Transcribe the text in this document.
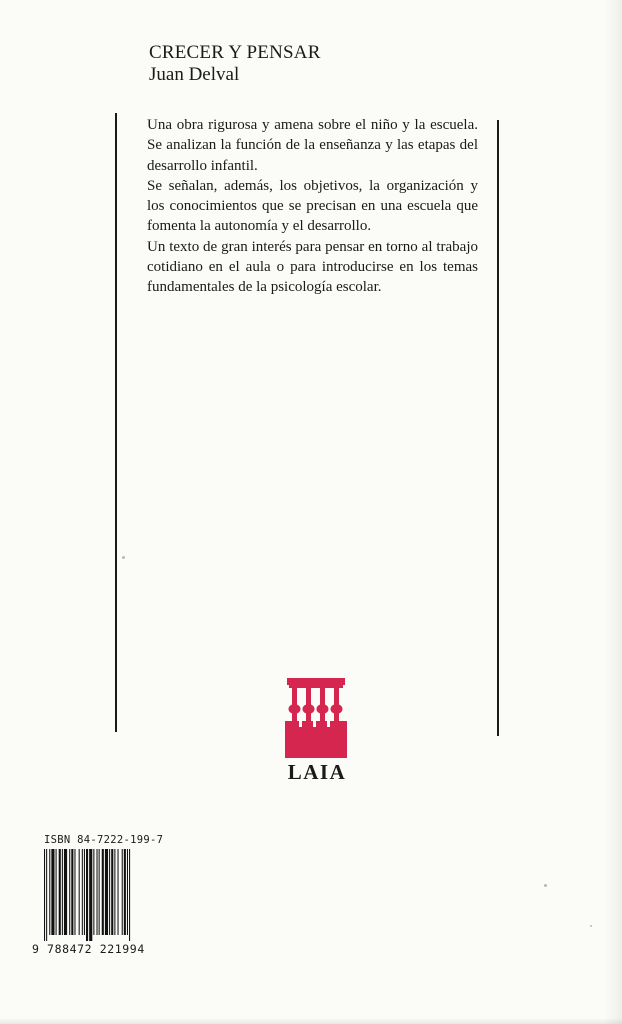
CRECER Y PENSAR
Juan Delval

Una obra rigurosa y amena sobre el niño y la escuela. Se analizan la función de la enseñanza y las etapas del desarrollo infantil.

Se señalan, además, los objetivos, la organización y los conocimientos que se precisan en una escuela que fomenta la autonomía y el desarrollo.

Un texto de gran interés para pensar en torno al trabajo cotidiano en el aula o para introducirse en los temas fundamentales de la psicología escolar.

LAIA
ISBN 84-7222-199-7
9 788472 221994
